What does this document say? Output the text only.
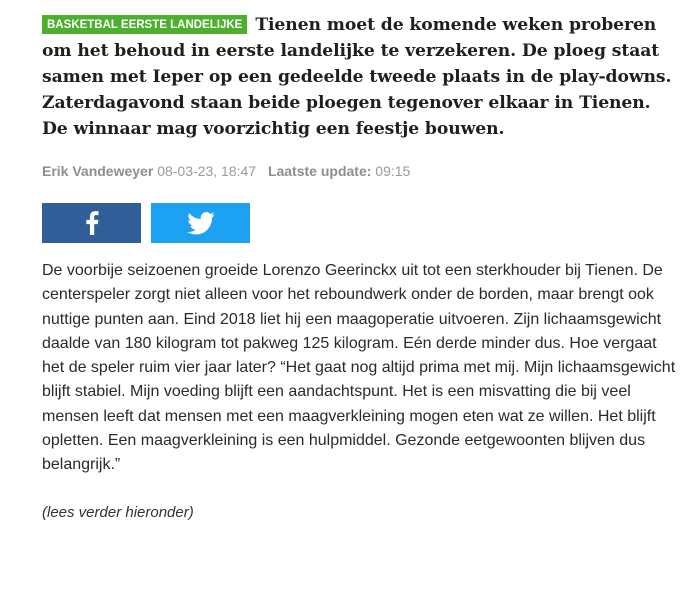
BASKETBAL EERSTE LANDELIJKE Tienen moet de komende weken proberen om het behoud in eerste landelijke te verzekeren. De ploeg staat samen met Ieper op een gedeelde tweede plaats in de play-downs. Zaterdagavond staan beide ploegen tegenover elkaar in Tienen. De winnaar mag voorzichtig een feestje bouwen.

Erik Vandeweyer 08-03-23, 18:47 Laatste update: 09:15
De voorbije seizoenen groeide Lorenzo Geerinckx uit tot een sterkhouder bij Tienen. De centerspeler zorgt niet alleen voor het reboundwerk onder de borden, maar brengt ook nuttige punten aan. Eind 2018 liet hij een maagoperatie uitvoeren. Zijn lichaamsgewicht daalde van 180 kilogram tot pakweg 125 kilogram. Eén derde minder dus. Hoe vergaat het de speler ruim vier jaar later? “Het gaat nog altijd prima met mij. Mijn lichaamsgewicht blijft stabiel. Mijn voeding blijft een aandachtspunt. Het is een misvatting die bij veel mensen leeft dat mensen met een maagverkleining mogen eten wat ze willen. Het blijft opletten. Een maagverkleining is een hulpmiddel. Gezonde eetgewoonten blijven dus belangrijk.”
(lees verder hieronder)
